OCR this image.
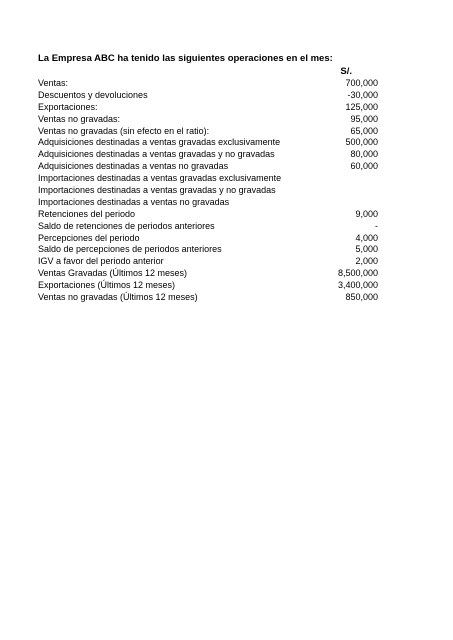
La Empresa ABC ha tenido las siguientes operaciones en el mes:
S/.
Ventas:	700,000
Descuentos y devoluciones	-30,000
Exportaciones:	125,000
Ventas no gravadas:	95,000
Ventas no gravadas (sin efecto en el ratio):	65,000
Adquisiciones destinadas a ventas gravadas exclusivamente	500,000
Adquisiciones destinadas a ventas gravadas y no gravadas	80,000
Adquisiciones destinadas a ventas no gravadas	60,000
Importaciones destinadas a ventas gravadas exclusivamente
Importaciones destinadas a ventas gravadas y no gravadas
Importaciones destinadas a ventas no gravadas
Retenciones del periodo	9,000
Saldo de retenciones de periodos anteriores	-
Percepciones del periodo	4,000
Saldo de percepciones de periodos anteriores	5,000
IGV a favor del periodo anterior	2,000
Ventas Gravadas (Últimos 12 meses)	8,500,000
Exportaciones (Últimos 12 meses)	3,400,000
Ventas no gravadas (Últimos 12 meses)	850,000
